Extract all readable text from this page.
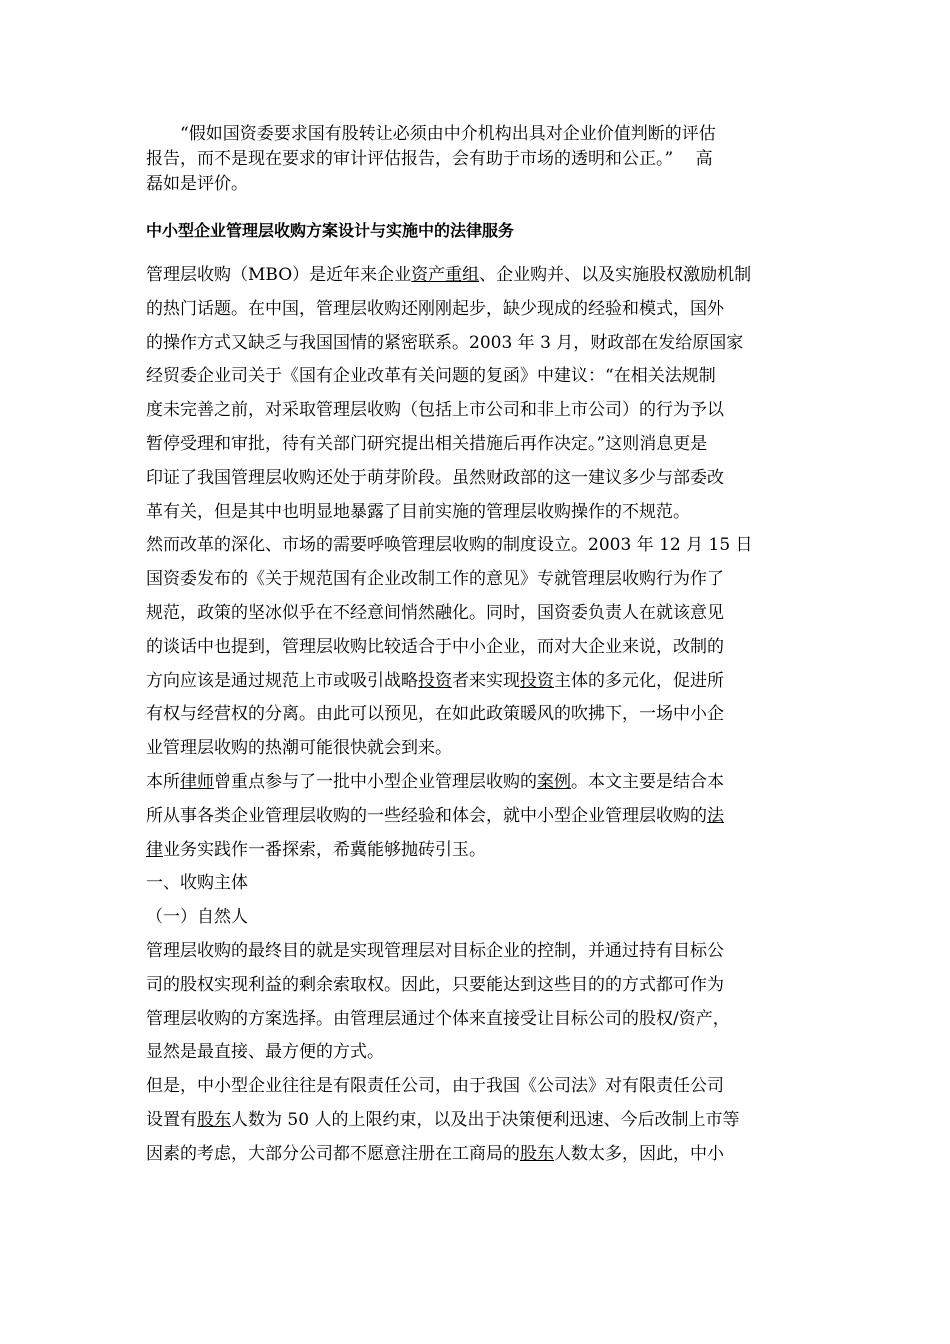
“假如国资委要求国有股转让必须由中介机构出具对企业价值判断的评估
报告，而不是现在要求的审计评估报告，会有助于市场的透明和公正。”　 高
磊如是评价。

中小型企业管理层收购方案设计与实施中的法律服务
管理层收购（MBO）是近年来企业资产重组、企业购并、以及实施股权激励机制
的热门话题。在中国，管理层收购还刚刚起步，缺少现成的经验和模式，国外
的操作方式又缺乏与我国国情的紧密联系。2003 年 3 月，财政部在发给原国家
经贸委企业司关于《国有企业改革有关问题的复函》中建议：“在相关法规制
度未完善之前，对采取管理层收购（包括上市公司和非上市公司）的行为予以
暂停受理和审批，待有关部门研究提出相关措施后再作决定。”这则消息更是
印证了我国管理层收购还处于萌芽阶段。虽然财政部的这一建议多少与部委改
革有关，但是其中也明显地暴露了目前实施的管理层收购操作的不规范。
然而改革的深化、市场的需要呼唤管理层收购的制度设立。2003 年 12 月 15 日
国资委发布的《关于规范国有企业改制工作的意见》专就管理层收购行为作了
规范，政策的坚冰似乎在不经意间悄然融化。同时，国资委负责人在就该意见
的谈话中也提到，管理层收购比较适合于中小企业，而对大企业来说，改制的
方向应该是通过规范上市或吸引战略投资者来实现投资主体的多元化，促进所
有权与经营权的分离。由此可以预见，在如此政策暖风的吹拂下，一场中小企
业管理层收购的热潮可能很快就会到来。
本所律师曾重点参与了一批中小型企业管理层收购的案例。本文主要是结合本
所从事各类企业管理层收购的一些经验和体会，就中小型企业管理层收购的法
律业务实践作一番探索，希冀能够抛砖引玉。
一、收购主体
（一）自然人
管理层收购的最终目的就是实现管理层对目标企业的控制，并通过持有目标公
司的股权实现利益的剩余索取权。因此，只要能达到这些目的的方式都可作为
管理层收购的方案选择。由管理层通过个体来直接受让目标公司的股权/资产，
显然是最直接、最方便的方式。
但是，中小型企业往往是有限责任公司，由于我国《公司法》对有限责任公司
设置有股东人数为 50 人的上限约束，以及出于决策便利迅速、今后改制上市等
因素的考虑，大部分公司都不愿意注册在工商局的股东人数太多，因此，中小
